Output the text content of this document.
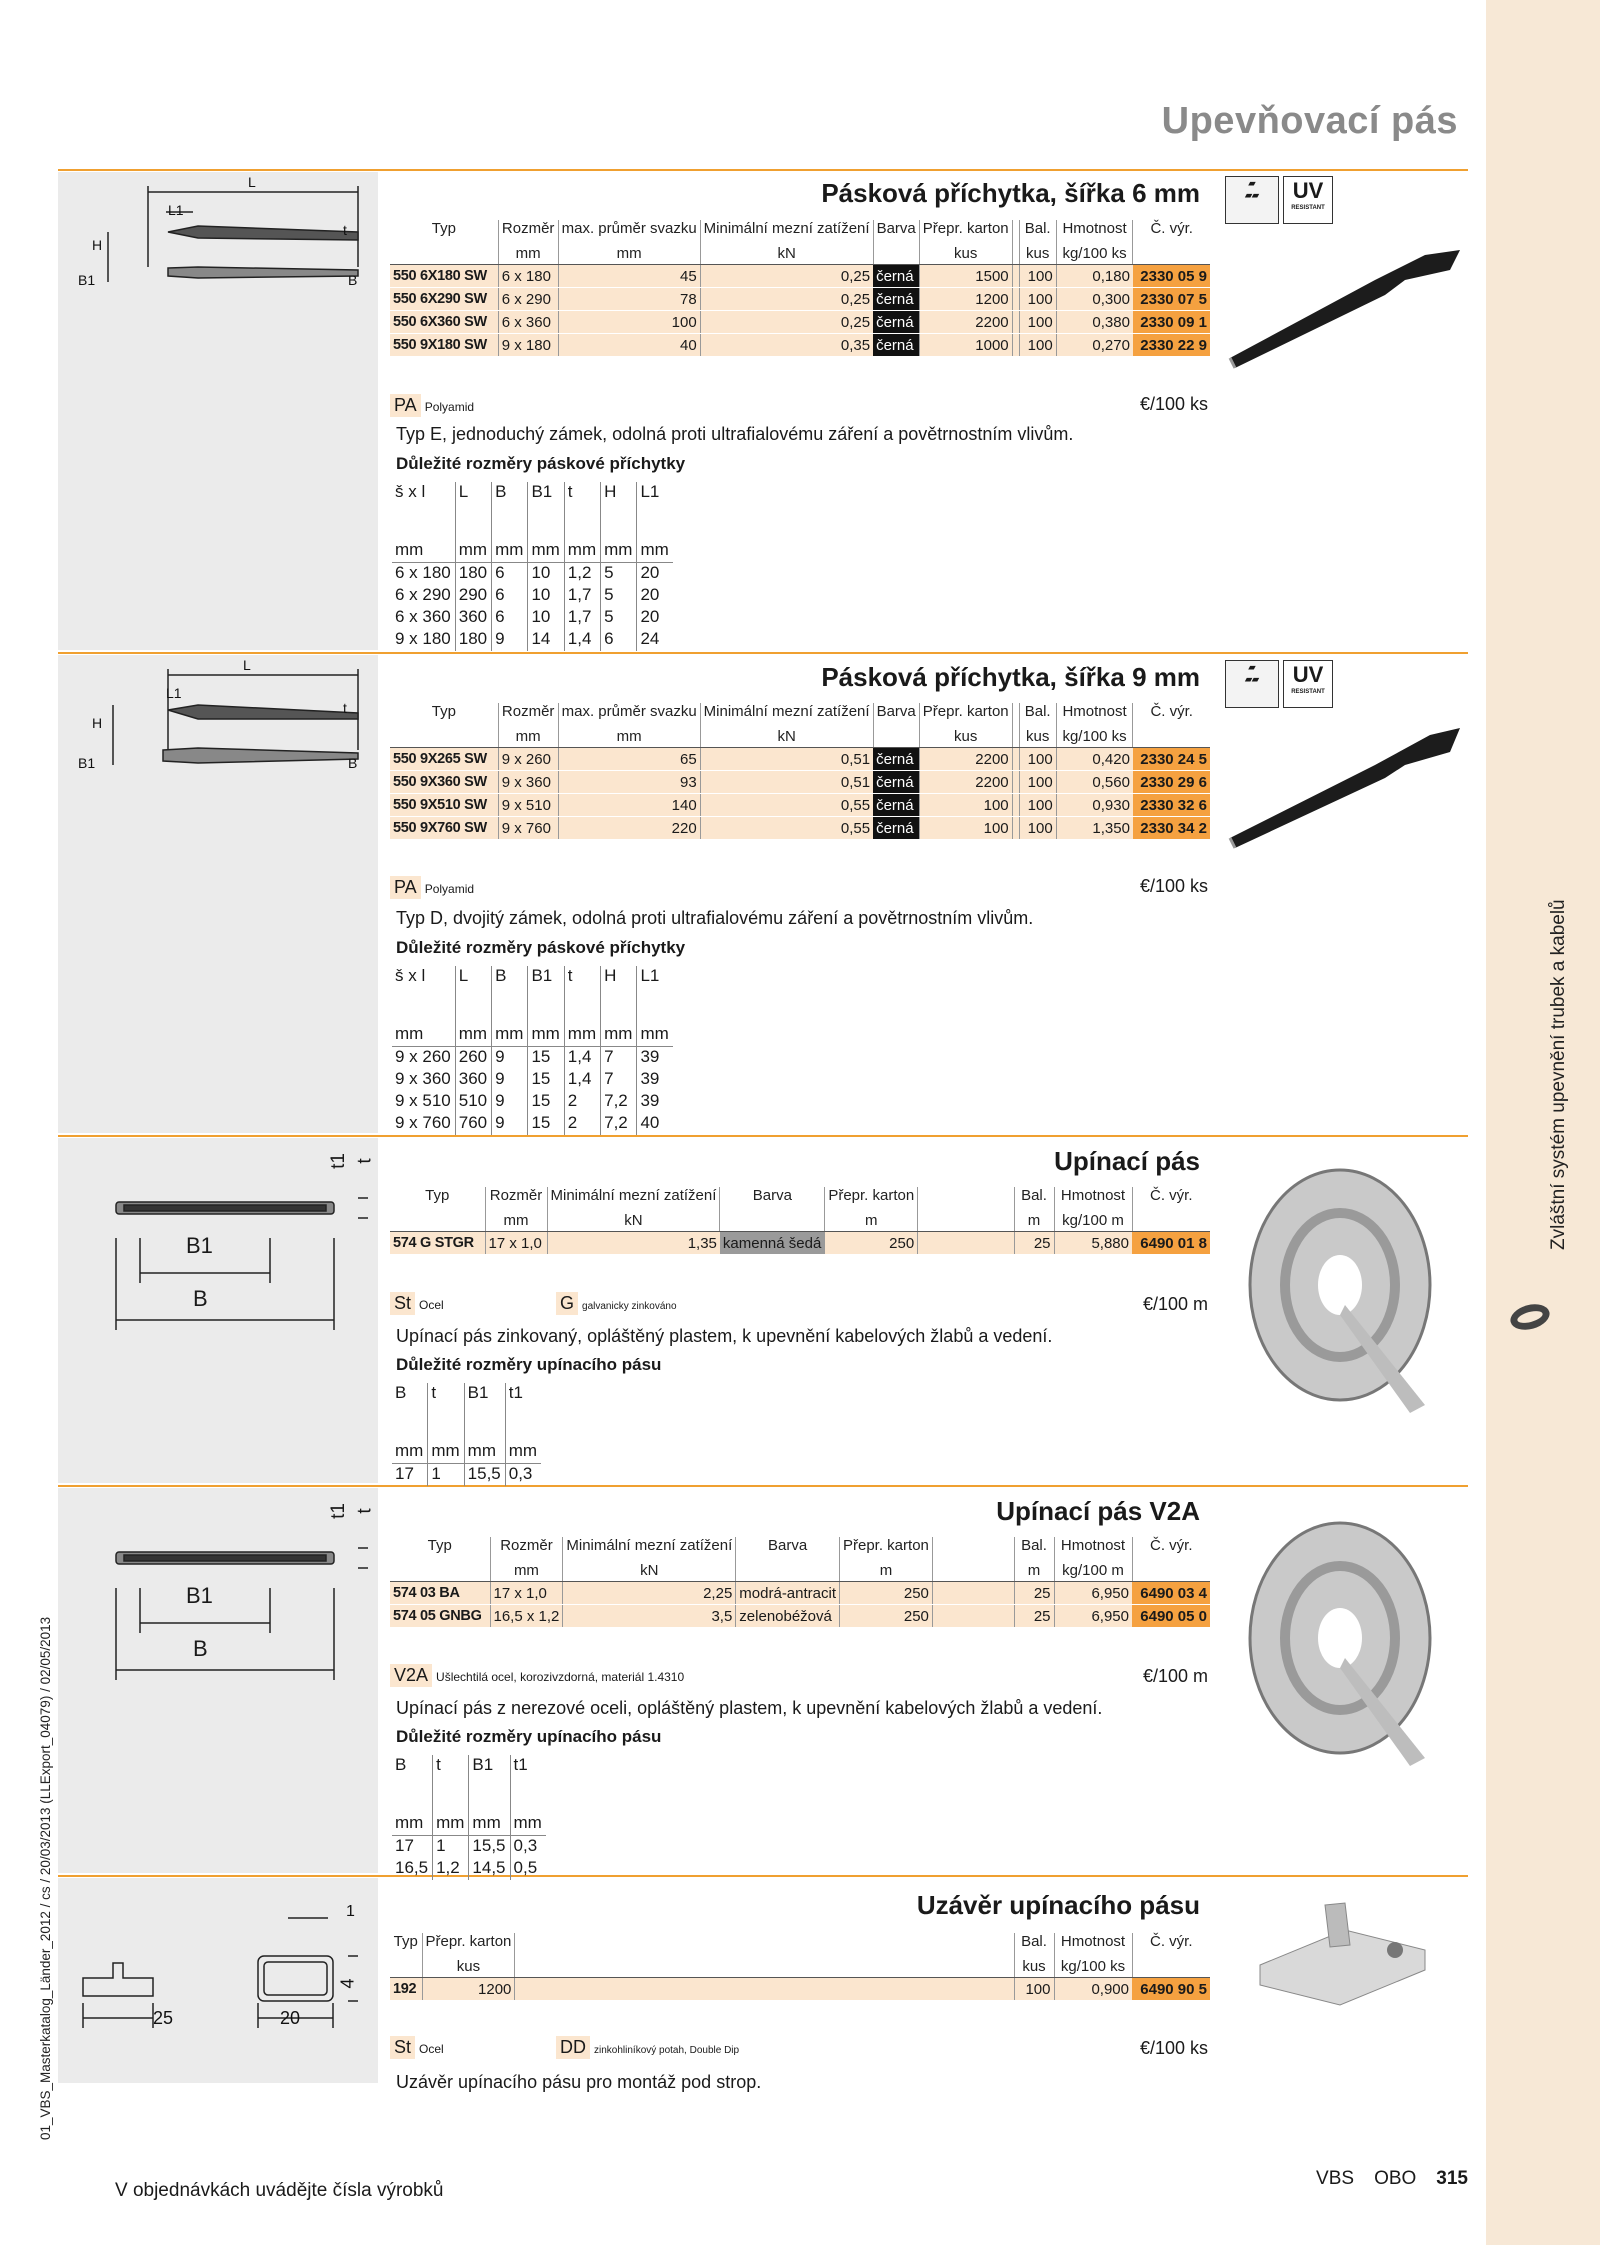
Zvláštní systém upevnění trubek a kabelů
01_VBS_Masterkatalog_Länder_2012 / cs / 20/03/2013 (LLExport_04079) / 02/05/2013
Upevňovací pás
L
L1
H
t
B1	B
Pásková příchytka, šířka 6 mm	▰
▰▰	UV
RESISTANT
Typ	Rozměr	max. průměr svazku	Minimální mezní zatížení	Barva	Přepr. karton		Bal.	Hmotnost	Č. výr.
	mm	mm	kN		kus		kus	kg/100 ks	
550 6X180 SW	6 x 180	45	0,25	černá	1500		100	0,180	2330 05 9
550 6X290 SW	6 x 290	78	0,25	černá	1200		100	0,300	2330 07 5
550 6X360 SW	6 x 360	100	0,25	černá	2200		100	0,380	2330 09 1
550 9X180 SW	9 x 180	40	0,35	černá	1000		100	0,270	2330 22 9
PA Polyamid	€/100 ks
Typ E, jednoduchý zámek, odolná proti ultrafialovému záření a povětrnostním vlivům.
Důležité rozměry páskové příchytky
š x l	L	B	B1	t	H	L1

mm	mm	mm	mm	mm	mm	mm
6 x 180	180	6	10	1,2	5	20
6 x 290	290	6	10	1,7	5	20
6 x 360	360	6	10	1,7	5	20
9 x 180	180	9	14	1,4	6	24
L
L1
H
t
B1	B
Pásková příchytka, šířka 9 mm	▰
▰▰	UV
RESISTANT
Typ	Rozměr	max. průměr svazku	Minimální mezní zatížení	Barva	Přepr. karton		Bal.	Hmotnost	Č. výr.
	mm	mm	kN		kus		kus	kg/100 ks	
550 9X265 SW	9 x 260	65	0,51	černá	2200		100	0,420	2330 24 5
550 9X360 SW	9 x 360	93	0,51	černá	2200		100	0,560	2330 29 6
550 9X510 SW	9 x 510	140	0,55	černá	100		100	0,930	2330 32 6
550 9X760 SW	9 x 760	220	0,55	černá	100		100	1,350	2330 34 2
PA Polyamid	€/100 ks
Typ D, dvojitý zámek, odolná proti ultrafialovému záření a povětrnostním vlivům.
Důležité rozměry páskové příchytky
š x l	L	B	B1	t	H	L1

mm	mm	mm	mm	mm	mm	mm
9 x 260	260	9	15	1,4	7	39
9 x 360	360	9	15	1,4	7	39
9 x 510	510	9	15	2	7,2	39
9 x 760	760	9	15	2	7,2	40
B1
B
t1 t	Upínací pás
Typ	Rozměr	Minimální mezní zatížení	Barva	Přepr. karton		Bal.	Hmotnost	Č. výr.
	mm	kN		m		m	kg/100 m	
574 G STGR	17 x 1,0	1,35	kamenná šedá	250		25	5,880	6490 01 8
St Ocel	G galvanicky zinkováno	€/100 m
Upínací pás zinkovaný, opláštěný plastem, k upevnění kabelových žlabů a vedení.
Důležité rozměry upínacího pásu
B	t	B1	t1

mm	mm	mm	mm
17	1	15,5	0,3
B1
B
t1 t	Upínací pás V2A
Typ	Rozměr	Minimální mezní zatížení	Barva	Přepr. karton		Bal.	Hmotnost	Č. výr.
	mm	kN		m		m	kg/100 m	
574 03 BA	17 x 1,0	2,25	modrá-antracit	250		25	6,950	6490 03 4
574 05 GNBG	16,5 x 1,2	3,5	zelenobéžová	250		25	6,950	6490 05 0
V2A Ušlechtilá ocel, korozivzdorná, materiál 1.4310	€/100 m
Upínací pás z nerezové oceli, opláštěný plastem, k upevnění kabelových žlabů a vedení.
Důležité rozměry upínacího pásu
B	t	B1	t1

mm	mm	mm	mm
17	1	15,5	0,3
16,5	1,2	14,5	0,5
25	20
1
4
Uzávěr upínacího pásu
Typ	Přepr. karton		Bal.	Hmotnost	Č. výr.
	kus		kus	kg/100 ks	
192	1200		100	0,900	6490 90 5
St Ocel	DD zinkohliníkový potah, Double Dip	€/100 ks
Uzávěr upínacího pásu pro montáž pod strop.
V objednávkách uvádějte čísla výrobků
VBS OBO 315
